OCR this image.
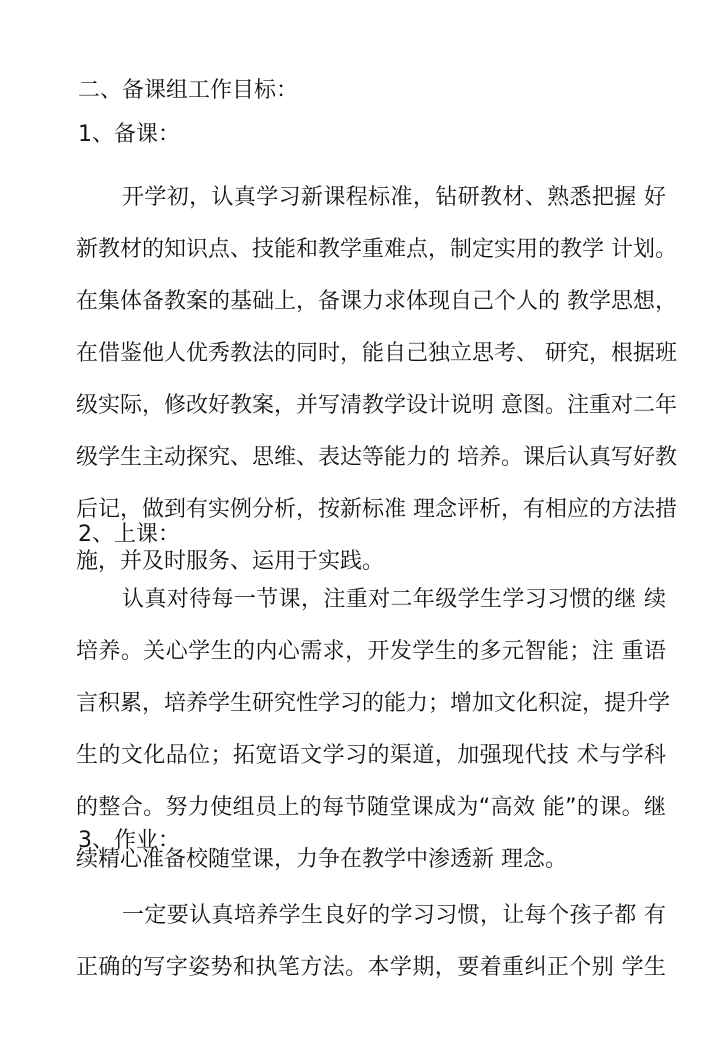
二、备课组工作目标：
1、备课：
开学初，认真学习新课程标准，钻研教材、熟悉把握 好
新教材的知识点、技能和教学重难点，制定实用的教学 计划。
在集体备教案的基础上，备课力求体现自己个人的 教学思想，
在借鉴他人优秀教法的同时，能自己独立思考、 研究，根据班
级实际，修改好教案，并写清教学设计说明 意图。注重对二年
级学生主动探究、思维、表达等能力的 培养。课后认真写好教
后记，做到有实例分析，按新标准 理念评析，有相应的方法措
施，并及时服务、运用于实践。
2、上课：
认真对待每一节课，注重对二年级学生学习习惯的继 续
培养。关心学生的内心需求，开发学生的多元智能；注 重语
言积累，培养学生研究性学习的能力；增加文化积淀，提升学
生的文化品位；拓宽语文学习的渠道，加强现代技 术与学科
的整合。努力使组员上的每节随堂课成为“高效 能”的课。继
续精心准备校随堂课，力争在教学中渗透新 理念。
3、作业：
一定要认真培养学生良好的学习习惯，让每个孩子都 有
正确的写字姿势和执笔方法。本学期，要着重纠正个别 学生
